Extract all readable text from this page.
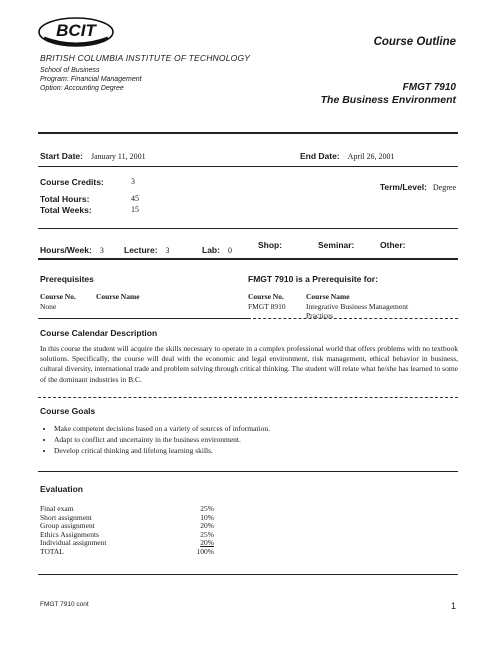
BCIT
BRITISH COLUMBIA INSTITUTE OF TECHNOLOGY
School of Business
Program: Financial Management
Option: Accounting Degree
Course Outline
FMGT 7910
The Business Environment
Start Date: January 11, 2001	End Date: April 26, 2001
Course Credits:	3
Term/Level: Degree
Total Hours:	45
Total Weeks:	15
Hours/Week: 3 Lecture: 3	Lab: 0
Shop:	Seminar:	Other:
Prerequisites
Course No.	Course Name
None
FMGT 7910 is a Prerequisite for:
Course No.	Course Name
FMGT 8910	Integrative Business Management
Practices
Course Calendar Description
In this course the student will acquire the skills necessary to operate in a complex professional world that offers problems with no textbook solutions. Specifically, the course will deal with the economic and legal environment, risk management, ethical behavior in business, cultural diversity, international trade and problem solving through critical thinking. The student will relate what he/she has learned to some of the dominant industries in B.C.
Course Goals
• Make competent decisions based on a variety of sources of information.
• Adapt to conflict and uncertainty in the business environment.
• Develop critical thinking and lifelong learning skills.
Evaluation
Final exam	25%
Short assignment	10%
Group assignment	20%
Ethics Assignments	25%
Individual assignment	20%
TOTAL	100%
FMGT 7910 cont	1
